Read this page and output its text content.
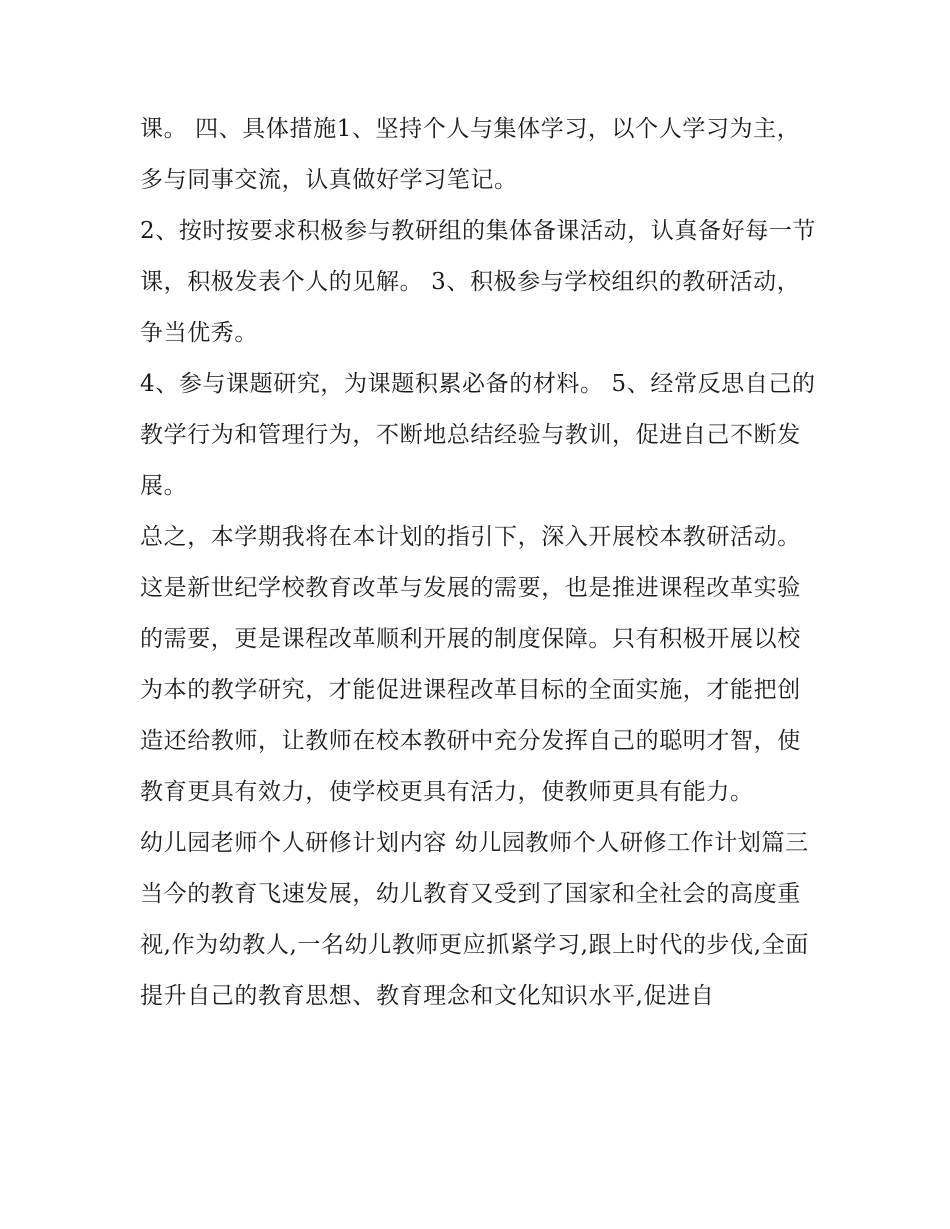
课。 四、具体措施1、坚持个人与集体学习，以个人学习为主，多与同事交流，认真做好学习笔记。

2、按时按要求积极参与教研组的集体备课活动，认真备好每一节课，积极发表个人的见解。 3、积极参与学校组织的教研活动，争当优秀。

4、参与课题研究，为课题积累必备的材料。 5、经常反思自己的教学行为和管理行为，不断地总结经验与教训，促进自己不断发展。

总之，本学期我将在本计划的指引下，深入开展校本教研活动。这是新世纪学校教育改革与发展的需要，也是推进课程改革实验的需要，更是课程改革顺利开展的制度保障。只有积极开展以校为本的教学研究，才能促进课程改革目标的全面实施，才能把创造还给教师，让教师在校本教研中充分发挥自己的聪明才智，使教育更具有效力，使学校更具有活力，使教师更具有能力。

幼儿园老师个人研修计划内容 幼儿园教师个人研修工作计划篇三

当今的教育飞速发展，幼儿教育又受到了国家和全社会的高度重视,作为幼教人,一名幼儿教师更应抓紧学习,跟上时代的步伐,全面提升自己的教育思想、教育理念和文化知识水平,促进自
